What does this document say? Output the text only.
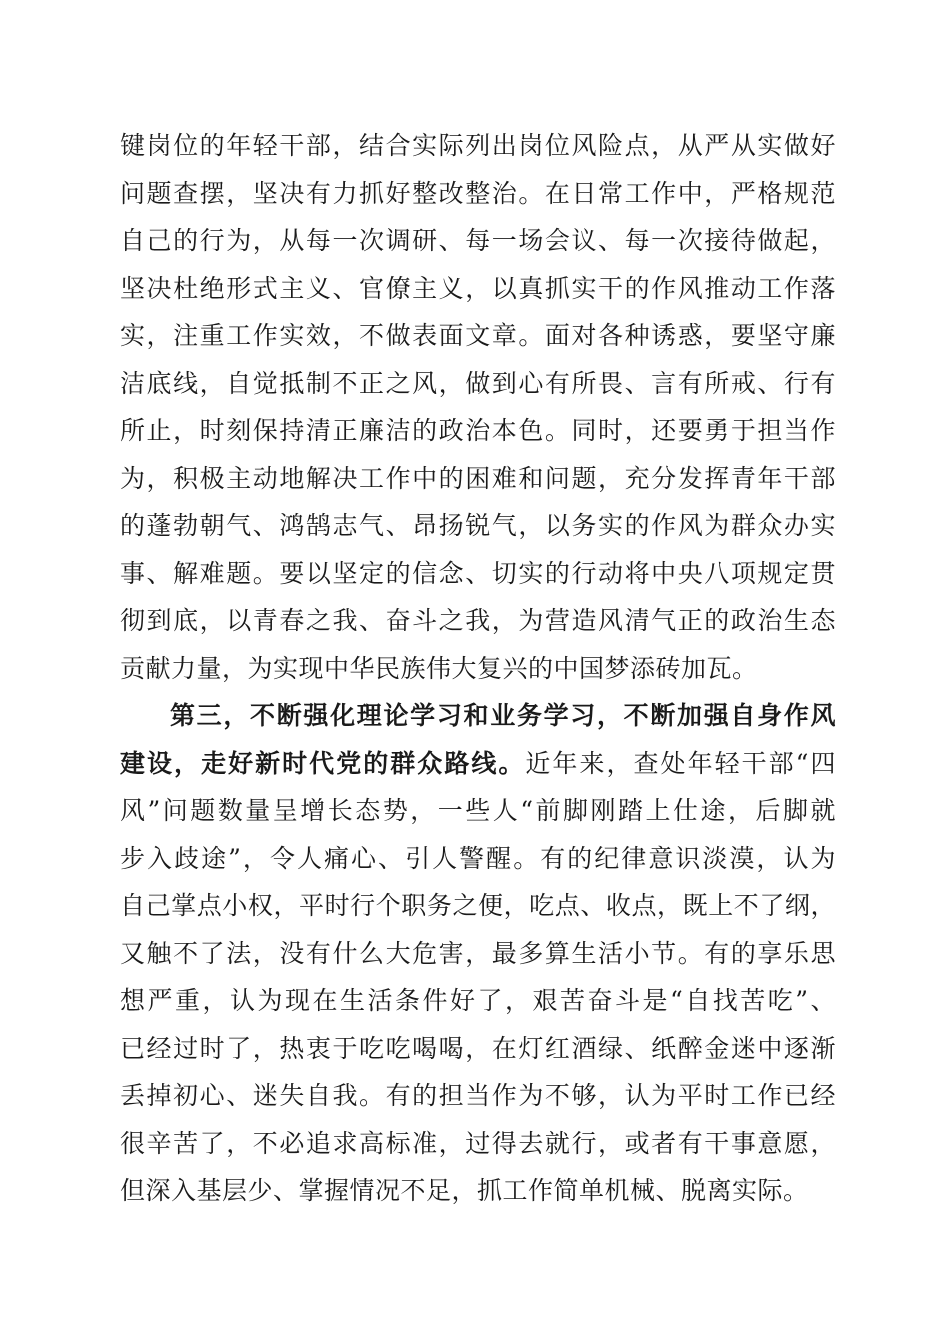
键岗位的年轻干部，结合实际列出岗位风险点，从严从实做好
问题查摆，坚决有力抓好整改整治。在日常工作中，严格规范
自己的行为，从每一次调研、每一场会议、每一次接待做起，
坚决杜绝形式主义、官僚主义，以真抓实干的作风推动工作落
实，注重工作实效，不做表面文章。面对各种诱惑，要坚守廉
洁底线，自觉抵制不正之风，做到心有所畏、言有所戒、行有
所止，时刻保持清正廉洁的政治本色。同时，还要勇于担当作
为，积极主动地解决工作中的困难和问题，充分发挥青年干部
的蓬勃朝气、鸿鹄志气、昂扬锐气，以务实的作风为群众办实
事、解难题。要以坚定的信念、切实的行动将中央八项规定贯
彻到底，以青春之我、奋斗之我，为营造风清气正的政治生态
贡献力量，为实现中华民族伟大复兴的中国梦添砖加瓦。
第三，不断强化理论学习和业务学习，不断加强自身作风
建设，走好新时代党的群众路线。近年来，查处年轻干部“四
风”问题数量呈增长态势，一些人“前脚刚踏上仕途，后脚就
步入歧途”，令人痛心、引人警醒。有的纪律意识淡漠，认为
自己掌点小权，平时行个职务之便，吃点、收点，既上不了纲，
又触不了法，没有什么大危害，最多算生活小节。有的享乐思
想严重，认为现在生活条件好了，艰苦奋斗是“自找苦吃”、
已经过时了，热衷于吃吃喝喝，在灯红酒绿、纸醉金迷中逐渐
丢掉初心、迷失自我。有的担当作为不够，认为平时工作已经
很辛苦了，不必追求高标准，过得去就行，或者有干事意愿，
但深入基层少、掌握情况不足，抓工作简单机械、脱离实际。
